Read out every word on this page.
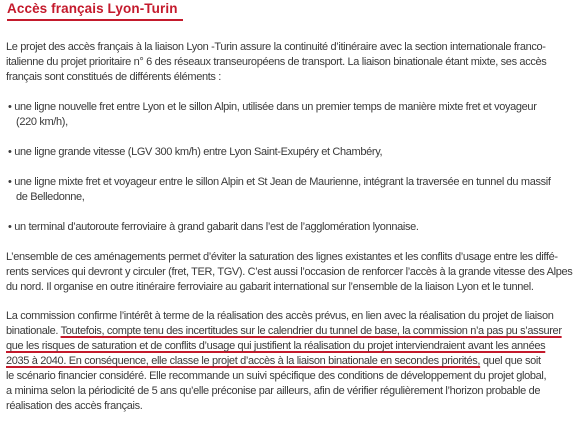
Accès français Lyon-Turin

Le projet des accès français à la liaison Lyon -Turin assure la continuité d’itinéraire avec la section internationale franco-
italienne du projet prioritaire n° 6 des réseaux transeuropéens de transport. La liaison binationale étant mixte, ses accès
français sont constitués de différents éléments :

• une ligne nouvelle fret entre Lyon et le sillon Alpin, utilisée dans un premier temps de manière mixte fret et voyageur
(220 km/h),

• une ligne grande vitesse (LGV 300 km/h) entre Lyon Saint-Exupéry et Chambéry,

• une ligne mixte fret et voyageur entre le sillon Alpin et St Jean de Maurienne, intégrant la traversée en tunnel du massif
de Belledonne,

• un terminal d’autoroute ferroviaire à grand gabarit dans l’est de l’agglomération lyonnaise.

L’ensemble de ces aménagements permet d’éviter la saturation des lignes existantes et les conflits d’usage entre les diffé-
rents services qui devront y circuler (fret, TER, TGV). C’est aussi l’occasion de renforcer l’accès à la grande vitesse des Alpes
du nord. Il organise en outre itinéraire ferroviaire au gabarit international sur l’ensemble de la liaison Lyon et le tunnel.

La commission confirme l’intérêt à terme de la réalisation des accès prévus, en lien avec la réalisation du projet de liaison
binationale. Toutefois, compte tenu des incertitudes sur le calendrier du tunnel de base, la commission n’a pas pu s’assurer
que les risques de saturation et de conflits d’usage qui justifient la réalisation du projet interviendraient avant les années
2035 à 2040. En conséquence, elle classe le projet d’accès à la liaison binationale en secondes priorités, quel que soit
le scénario financier considéré. Elle recommande un suivi spécifique des conditions de développement du projet global,
a minima selon la périodicité de 5 ans qu’elle préconise par ailleurs, afin de vérifier régulièrement l’horizon probable de
réalisation des accès français.
